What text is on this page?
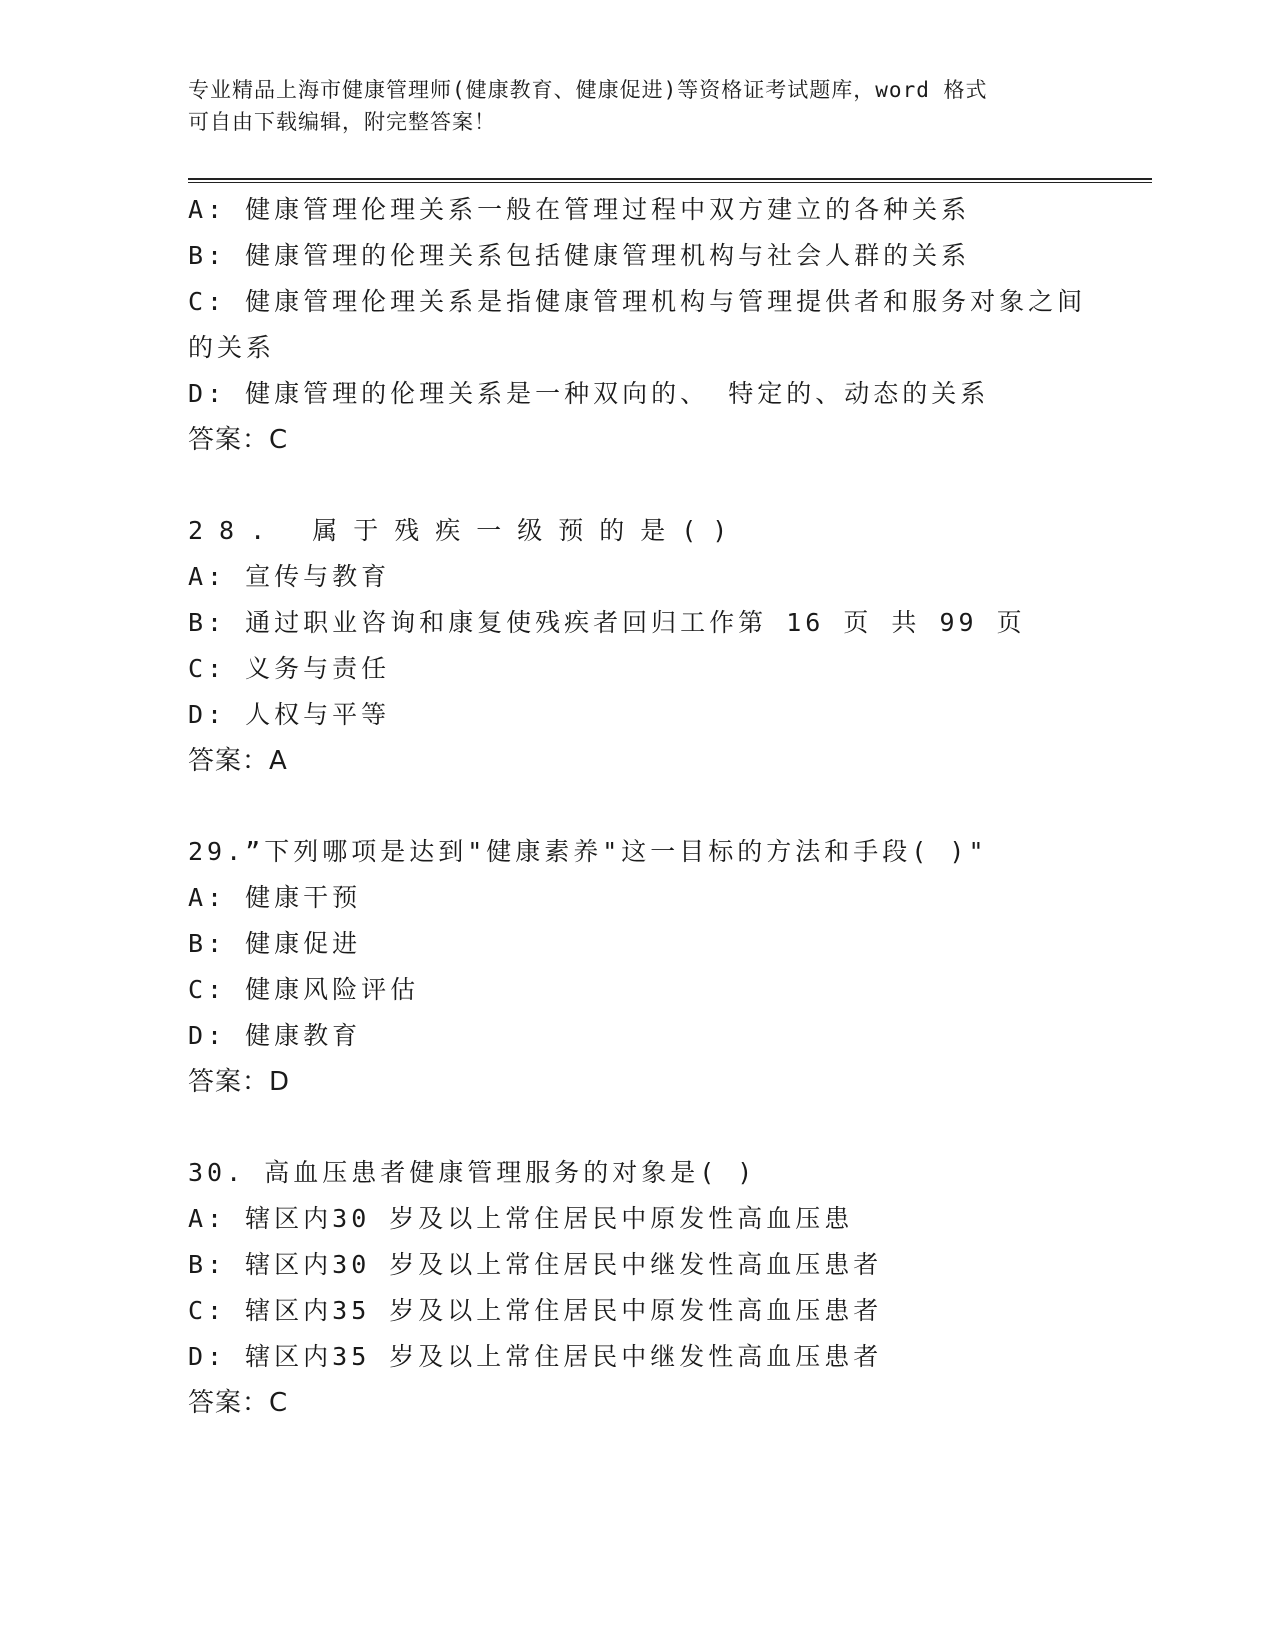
专业精品上海市健康管理师(健康教育、健康促进)等资格证考试题库，word 格式
可自由下载编辑，附完整答案！
A: 健康管理伦理关系一般在管理过程中双方建立的各种关系
B: 健康管理的伦理关系包括健康管理机构与社会人群的关系
C: 健康管理伦理关系是指健康管理机构与管理提供者和服务对象之间
的关系
D: 健康管理的伦理关系是一种双向的、 特定的、动态的关系
答案：C
28. 属于残疾一级预的是()
A: 宣传与教育
B: 通过职业咨询和康复使残疾者回归工作第 16 页 共 99 页
C: 义务与责任
D: 人权与平等
答案：A
29.”下列哪项是达到"健康素养"这一目标的方法和手段( )"
A: 健康干预
B: 健康促进
C: 健康风险评估
D: 健康教育
答案：D
30. 高血压患者健康管理服务的对象是( )
A: 辖区内30 岁及以上常住居民中原发性高血压患
B: 辖区内30 岁及以上常住居民中继发性高血压患者
C: 辖区内35 岁及以上常住居民中原发性高血压患者
D: 辖区内35 岁及以上常住居民中继发性高血压患者
答案：C
